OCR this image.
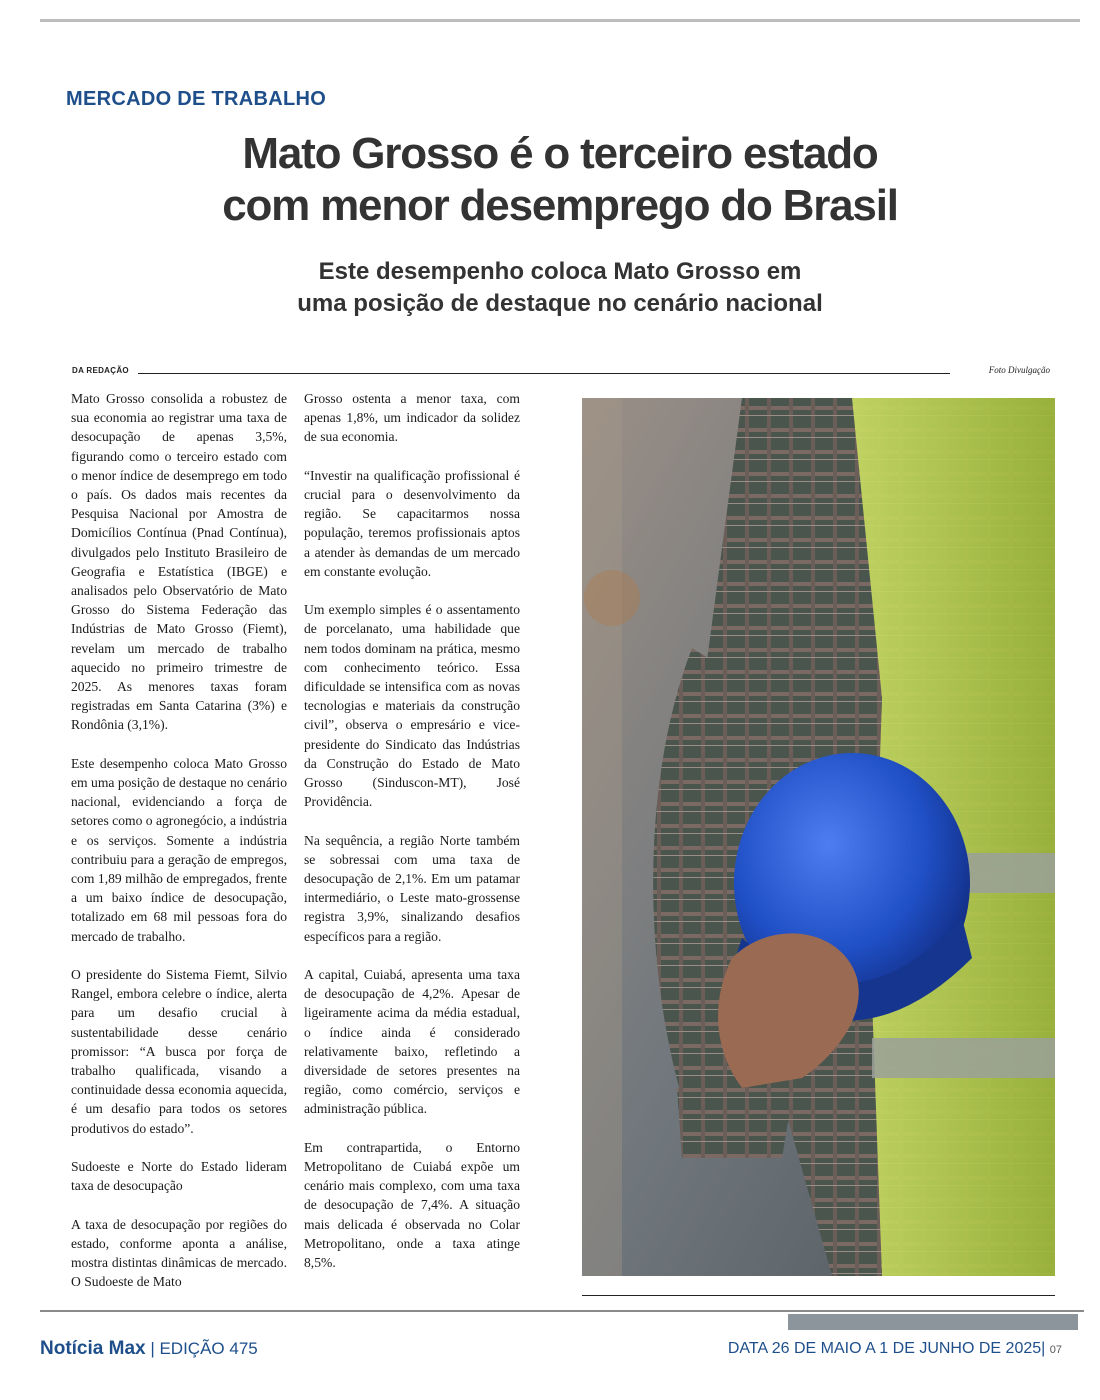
MERCADO DE TRABALHO
Mato Grosso é o terceiro estado
com menor desemprego do Brasil
Este desempenho coloca Mato Grosso em
uma posição de destaque no cenário nacional
DA REDAÇÃO	Foto Divulgação

Mato Grosso consolida a robustez de sua economia ao registrar uma taxa de desocupação de apenas 3,5%, figurando como o terceiro estado com o menor índice de desemprego em todo o país. Os dados mais recentes da Pesquisa Nacional por Amostra de Domicílios Contínua (Pnad Contínua), divulgados pelo Instituto Brasileiro de Geografia e Estatística (IBGE) e analisados pelo Observatório de Mato Grosso do Sistema Federação das Indústrias de Mato Grosso (Fiemt), revelam um mercado de trabalho aquecido no primeiro trimestre de 2025. As menores taxas foram registradas em Santa Catarina (3%) e Rondônia (3,1%).

Este desempenho coloca Mato Grosso em uma posição de destaque no cenário nacional, evidenciando a força de setores como o agronegócio, a indústria e os serviços. Somente a indústria contribuiu para a geração de empregos, com 1,89 milhão de empregados, frente a um baixo índice de desocupação, totalizado em 68 mil pessoas fora do mercado de trabalho.

O presidente do Sistema Fiemt, Silvio Rangel, embora celebre o índice, alerta para um desafio crucial à sustentabilidade desse cenário promissor: “A busca por força de trabalho qualificada, visando a continuidade dessa economia aquecida, é um desafio para todos os setores produtivos do estado”.

Sudoeste e Norte do Estado lideram taxa de desocupação

A taxa de desocupação por regiões do estado, conforme aponta a análise, mostra distintas dinâmicas de mercado. O Sudoeste de Mato

Grosso ostenta a menor taxa, com apenas 1,8%, um indicador da solidez de sua economia.

“Investir na qualificação profissional é crucial para o desenvolvimento da região. Se capacitarmos nossa população, teremos profissionais aptos a atender às demandas de um mercado em constante evolução.

Um exemplo simples é o assentamento de porcelanato, uma habilidade que nem todos dominam na prática, mesmo com conhecimento teórico. Essa dificuldade se intensifica com as novas tecnologias e materiais da construção civil”, observa o empresário e vice-presidente do Sindicato das Indústrias da Construção do Estado de Mato Grosso (Sinduscon-MT), José Providência.

Na sequência, a região Norte também se sobressai com uma taxa de desocupação de 2,1%. Em um patamar intermediário, o Leste mato-grossense registra 3,9%, sinalizando desafios específicos para a região.

A capital, Cuiabá, apresenta uma taxa de desocupação de 4,2%. Apesar de ligeiramente acima da média estadual, o índice ainda é considerado relativamente baixo, refletindo a diversidade de setores presentes na região, como comércio, serviços e administração pública.

Em contrapartida, o Entorno Metropolitano de Cuiabá expõe um cenário mais complexo, com uma taxa de desocupação de 7,4%. A situação mais delicada é observada no Colar Metropolitano, onde a taxa atinge 8,5%.

Notícia Max | EDIÇÃO 475	DATA 26 DE MAIO A 1 DE JUNHO DE 2025| 07
